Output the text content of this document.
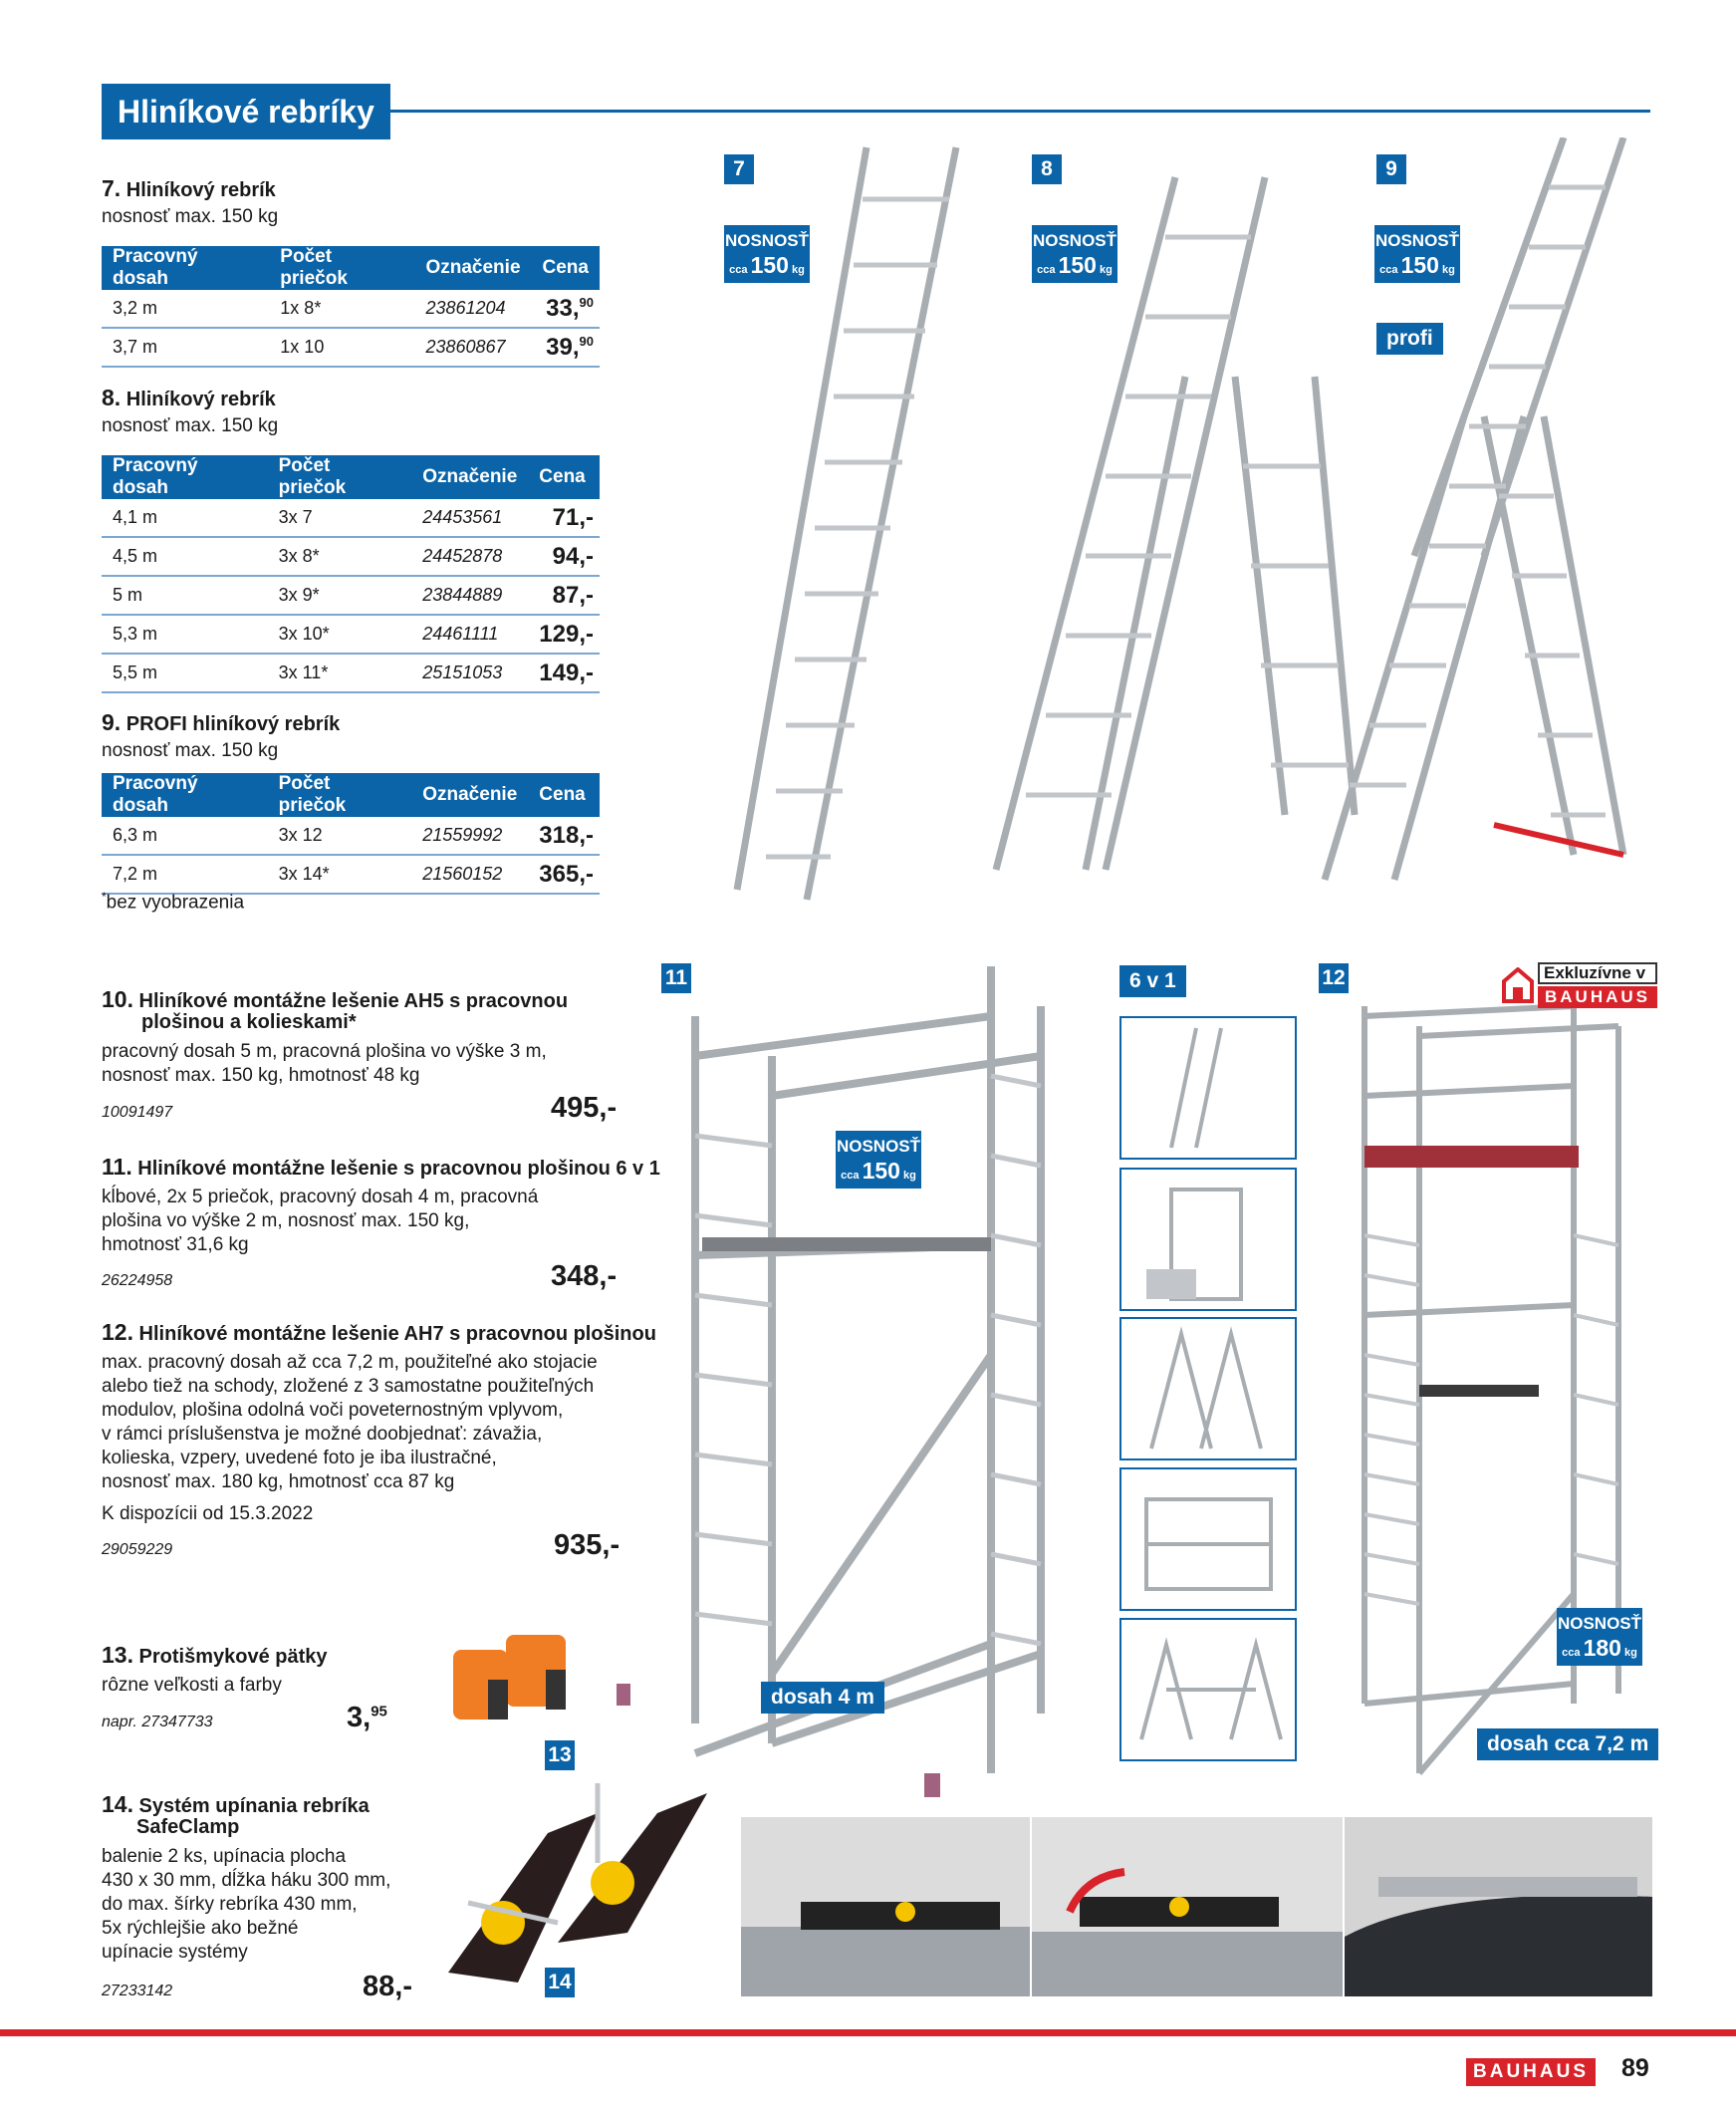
Hliníkové rebríky
7. Hliníkový rebrík
nosnosť max. 150 kg
Pracovný dosah	Počet priečok	Označenie	Cena
3,2 m	1x 8*	23861204	33,90
3,7 m	1x 10	23860867	39,90
8. Hliníkový rebrík
nosnosť max. 150 kg
Pracovný dosah	Počet priečok	Označenie	Cena
4,1 m	3x 7	24453561	71,-
4,5 m	3x 8*	24452878	94,-
5 m	3x 9*	23844889	87,-
5,3 m	3x 10*	24461111	129,-
5,5 m	3x 11*	25151053	149,-
9. PROFI hliníkový rebrík
nosnosť max. 150 kg
Pracovný dosah	Počet priečok	Označenie	Cena
6,3 m	3x 12	21559992	318,-
7,2 m	3x 14*	21560152	365,-
*bez vyobrazenia
7	8	9
NOSNOSŤ
cca 150 kg
NOSNOSŤ
cca 150 kg
NOSNOSŤ
cca 150 kg
profi
10. Hliníkové montážne lešenie AH5 s pracovnou
plošinou a kolieskami*
pracovný dosah 5 m, pracovná plošina vo výške 3 m,
nosnosť max. 150 kg, hmotnosť 48 kg
10091497	495,-
11. Hliníkové montážne lešenie s pracovnou plošinou 6 v 1
kĺbové, 2x 5 priečok, pracovný dosah 4 m, pracovná
plošina vo výške 2 m, nosnosť max. 150 kg,
hmotnosť 31,6 kg
26224958	348,-
12. Hliníkové montážne lešenie AH7 s pracovnou plošinou
max. pracovný dosah až cca 7,2 m, použiteľné ako stojacie
alebo tiež na schody, zložené z 3 samostatne použiteľných
modulov, plošina odolná voči poveternostným vplyvom,
v rámci príslušenstva je možné doobjednať: závažia,
kolieska, vzpery, uvedené foto je iba ilustračné,
nosnosť max. 180 kg, hmotnosť cca 87 kg
K dispozícii od 15.3.2022
29059229	935,-
13. Protišmykové pätky
rôzne veľkosti a farby
napr. 27347733	3,95
14. Systém upínania rebríka
SafeClamp
balenie 2 ks, upínacia plocha
430 x 30 mm, dĺžka háku 300 mm,
do max. šírky rebríka 430 mm,
5x rýchlejšie ako bežné
upínacie systémy
27233142	88,-
11
NOSNOSŤ
cca 150 kg
dosah 4 m
6 v 1	12	Exkluzívne v
BAUHAUS
NOSNOSŤ
cca 180 kg
dosah cca 7,2 m
13
14
BAUHAUS 89
